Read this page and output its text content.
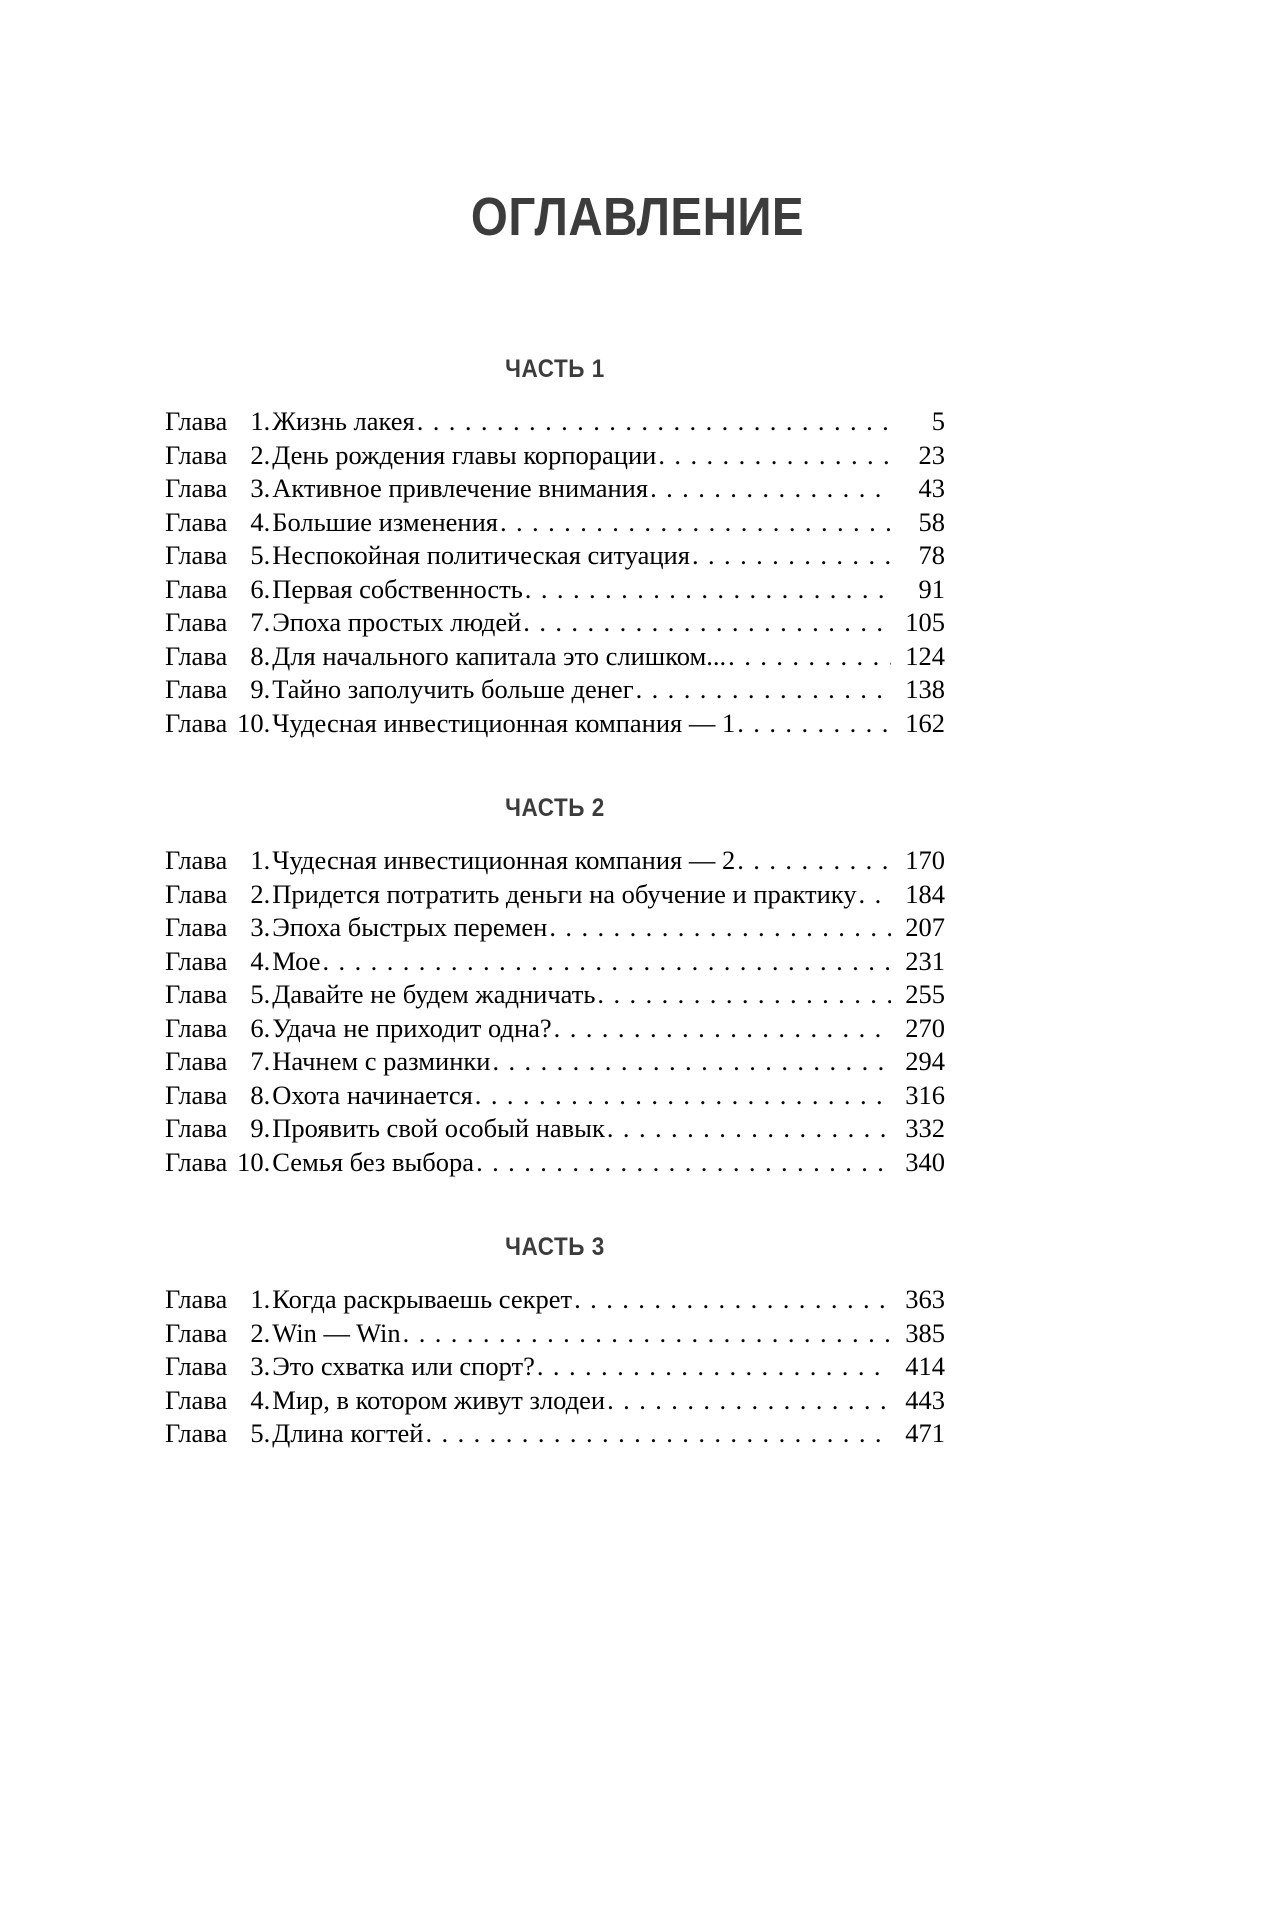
ОГЛАВЛЕНИЕ
ЧАСТЬ 1
Глава 1. Жизнь лакея . . .	5
Глава 2. День рождения главы корпорации . . .	23
Глава 3. Активное привлечение внимания . . .	43
Глава 4. Большие изменения . . .	58
Глава 5. Неспокойная политическая ситуация . . .	78
Глава 6. Первая собственность . . .	91
Глава 7. Эпоха простых людей . . .	105
Глава 8. Для начального капитала это слишком... . . .	124
Глава 9. Тайно заполучить больше денег . . .	138
Глава 10. Чудесная инвестиционная компания — 1 . . .	162
ЧАСТЬ 2
Глава 1. Чудесная инвестиционная компания — 2 . . .	170
Глава 2. Придется потратить деньги на обучение и практику . . .	184
Глава 3. Эпоха быстрых перемен . . .	207
Глава 4. Мое . . .	231
Глава 5. Давайте не будем жадничать . . .	255
Глава 6. Удача не приходит одна? . . .	270
Глава 7. Начнем с разминки . . .	294
Глава 8. Охота начинается . . .	316
Глава 9. Проявить свой особый навык . . .	332
Глава 10. Семья без выбора . . .	340
ЧАСТЬ 3
Глава 1. Когда раскрываешь секрет . . .	363
Глава 2. Win — Win . . .	385
Глава 3. Это схватка или спорт? . . .	414
Глава 4. Мир, в котором живут злодеи . . .	443
Глава 5. Длина когтей . . .	471
